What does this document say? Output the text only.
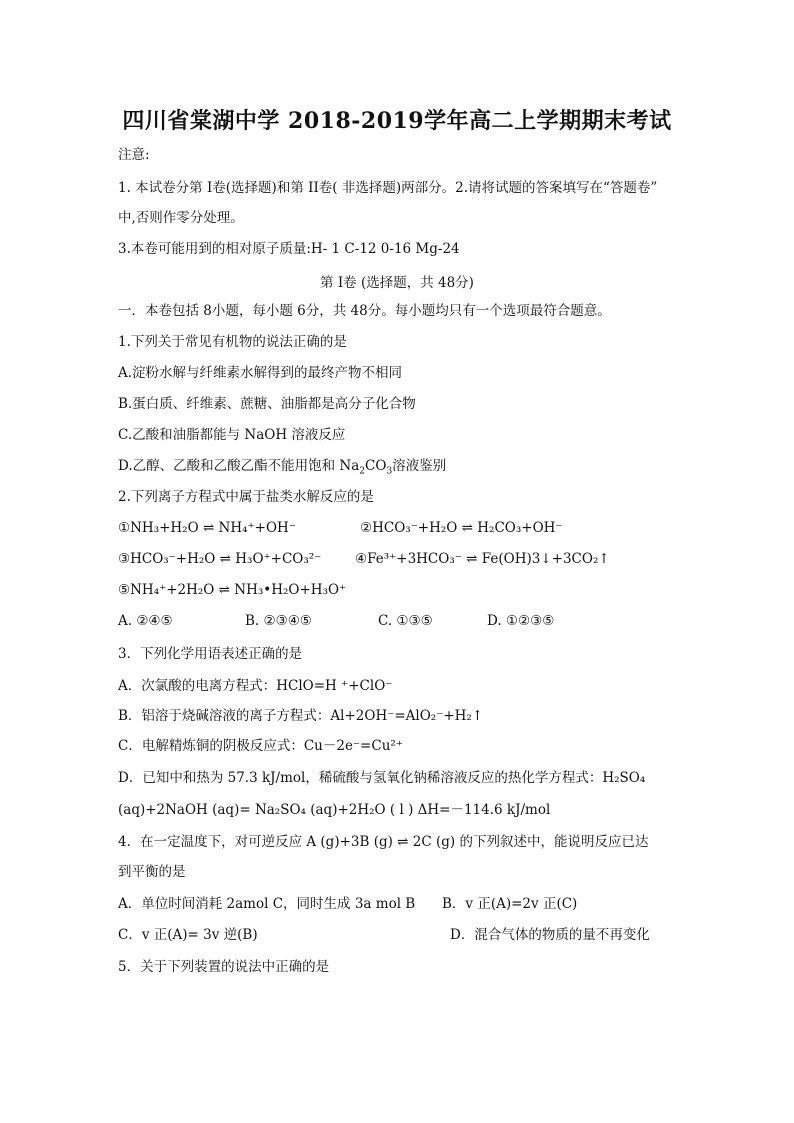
四川省棠湖中学 2018-2019学年高二上学期期末考试
注意:
1. 本试卷分第 I卷(选择题)和第 II卷( 非选择题)两部分。2.请将试题的答案填写在“答题卷”
中,否则作零分处理。
3.本卷可能用到的相对原子质量:H- 1 C-12 0-16 Mg-24
第 I卷 (选择题，共 48分)
一．本卷包括 8小题，每小题 6分，共 48分。每小题均只有一个选项最符合题意。
1.下列关于常见有机物的说法正确的是
A.淀粉水解与纤维素水解得到的最终产物不相同
B.蛋白质、纤维素、蔗糖、油脂都是高分子化合物
C.乙酸和油脂都能与 NaOH 溶液反应
D.乙醇、乙酸和乙酸乙酯不能用饱和 $Na_2CO_3$溶液鉴别
2.下列离子方程式中属于盐类水解反应的是
①NH₃+H₂O ⇌ NH₄⁺+OH⁻	②HCO₃⁻+H₂O ⇌ H₂CO₃+OH⁻
③HCO₃⁻+H₂O ⇌ H₃O⁺+CO₃²⁻ ④Fe³⁺+3HCO₃⁻ ⇌ Fe(OH)3↓+3CO₂↑
⑤NH₄⁺+2H₂O ⇌ NH₃•H₂O+H₃O⁺
A. ②④⑤	B. ②③④⑤	C. ①③⑤	D. ①②③⑤
3．下列化学用语表述正确的是
A．次氯酸的电离方程式：HClO=H ⁺+ClO⁻
B．铝溶于烧碱溶液的离子方程式：Al+2OH⁻=AlO₂⁻+H₂↑
C．电解精炼铜的阴极反应式：Cu－2e⁻=Cu²⁺
D．已知中和热为 57.3 kJ/mol，稀硫酸与氢氧化钠稀溶液反应的热化学方程式：H₂SO₄
(aq)+2NaOH (aq)= Na₂SO₄ (aq)+2H₂O ( l ) ΔH=－114.6 kJ/mol
4．在一定温度下，对可逆反应 A (g)+3B (g) ⇌ 2C (g) 的下列叙述中，能说明反应已达
到平衡的是
A．单位时间消耗 2amol C，同时生成 3a mol B B．v 正(A)=2v 正(C)
C．v 正(A)= 3v 逆(B)	D．混合气体的物质的量不再变化
5．关于下列装置的说法中正确的是
